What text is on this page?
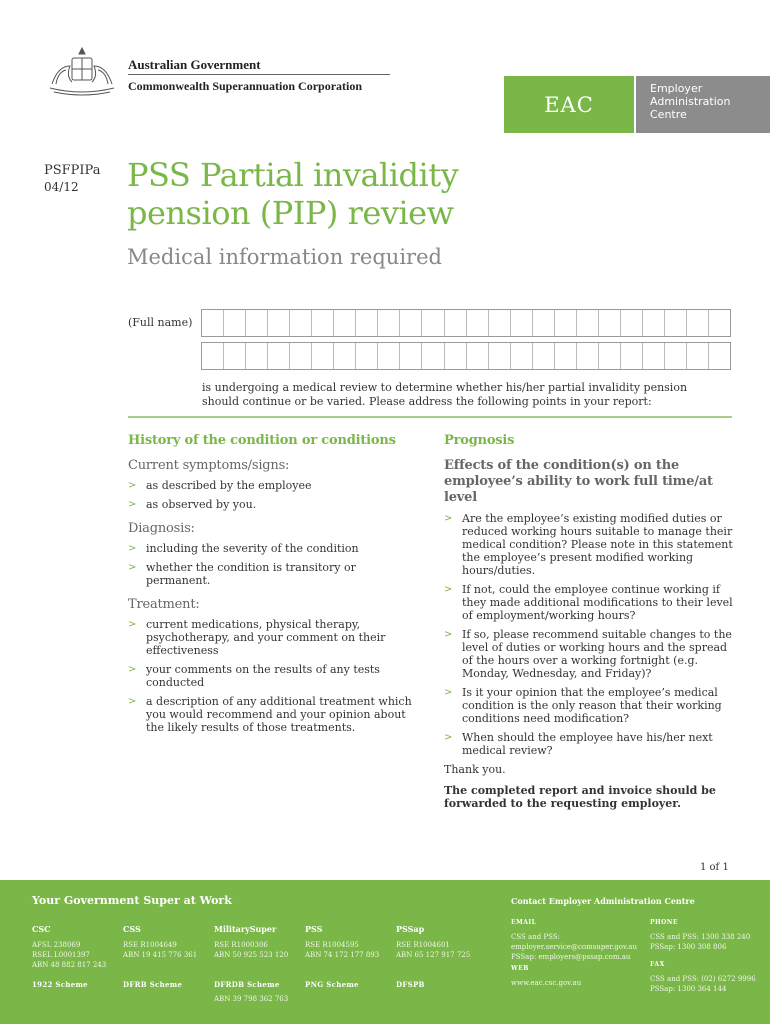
Australian Government
Commonwealth Superannuation Corporation
EAC
Employer
Administration
Centre
PSFPIPa
04/12 PSS Partial invalidity
pension (PIP) review
Medical information required
(Full name)
is undergoing a medical review to determine whether his/her partial invalidity pension should continue or be varied. Please address the following points in your report:
History of the condition or conditions
Current symptoms/signs:
> as described by the employee
> as observed by you.
Diagnosis:
> including the severity of the condition
> whether the condition is transitory or permanent.
Treatment:
> current medications, physical therapy, psychotherapy, and your comment on their effectiveness
> your comments on the results of any tests conducted
> a description of any additional treatment which you would recommend and your opinion about the likely results of those treatments.
Prognosis
Effects of the condition(s) on the employee’s ability to work full time/at level
> Are the employee’s existing modified duties or reduced working hours suitable to manage their medical condition? Please note in this statement the employee’s present modified working hours/duties.
> If not, could the employee continue working if they made additional modifications to their level of employment/working hours?
> If so, please recommend suitable changes to the level of duties or working hours and the spread of the hours over a working fortnight (e.g. Monday, Wednesday, and Friday)?
> Is it your opinion that the employee’s medical condition is the only reason that their working conditions need modification?
> When should the employee have his/her next medical review?
Thank you.
The completed report and invoice should be forwarded to the requesting employer.
1 of 1
Your Government Super at Work
CSC
AFSL 238069
RSEL L0001397
ABN 48 882 817 243
1922 Scheme
CSS
RSE R1004649
ABN 19 415 776 361
DFRB Scheme
MilitarySuper
RSE R1000306
ABN 50 925 523 120
DFRDB Scheme
ABN 39 798 362 763
PSS
RSE R1004595
ABN 74 172 177 893
PNG Scheme
PSSap
RSE R1004601
ABN 65 127 917 725
DFSPB
Contact Employer Administration Centre
EMAIL
CSS and PSS:
employer.service@comsuper.gov.au
PSSap: employers@pssap.com.au
WEB
www.eac.csc.gov.au
PHONE
CSS and PSS: 1300 338 240
PSSap: 1300 308 806
FAX
CSS and PSS: (02) 6272 9996
PSSap: 1300 364 144
